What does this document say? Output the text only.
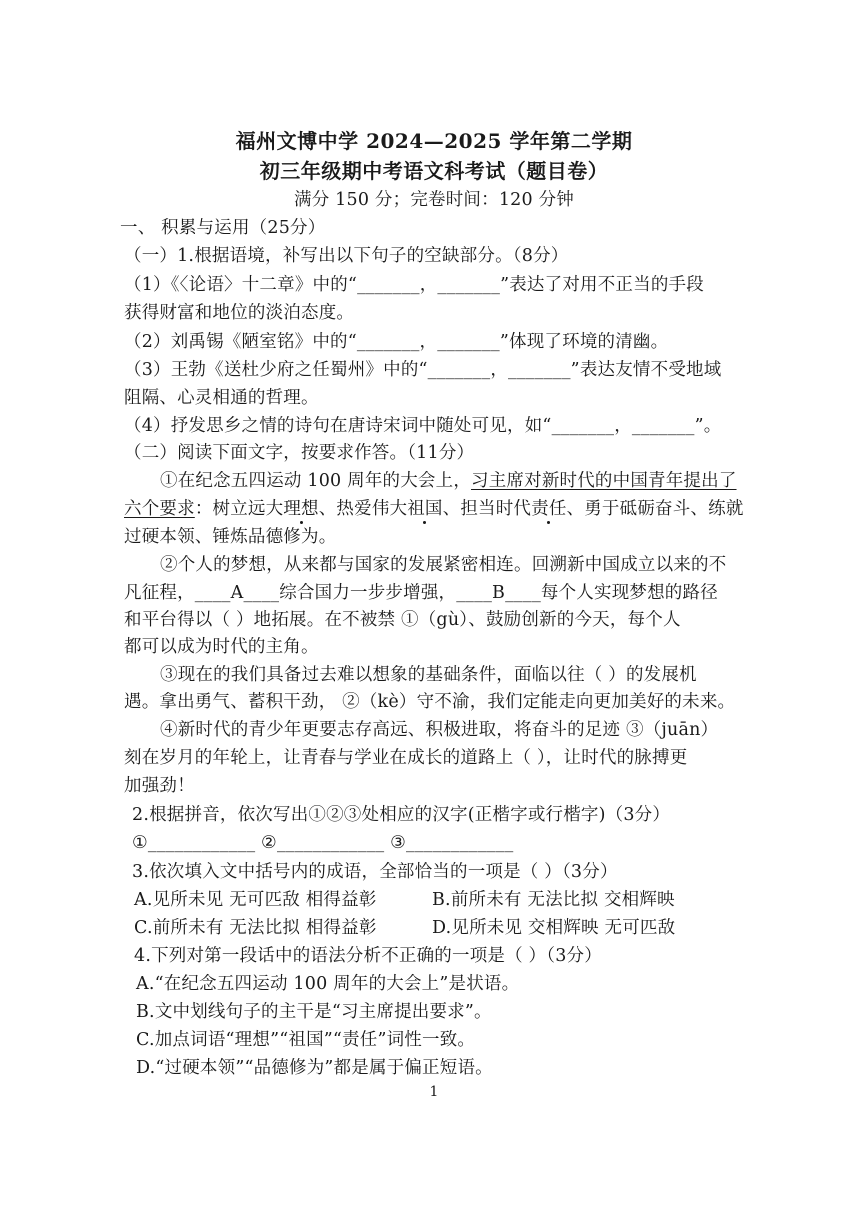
福州文博中学 2024—2025 学年第二学期
初三年级期中考语文科考试（题目卷）
满分 150 分；完卷时间：120 分钟
一、 积累与运用（25分）
（一）1.根据语境，补写出以下句子的空缺部分。（8分）
（1）《〈论语〉十二章》中的“_______，_______”表达了对用不正当的手段
获得财富和地位的淡泊态度。
（2）刘禹锡《陋室铭》中的“_______，_______”体现了环境的清幽。
（3）王勃《送杜少府之任蜀州》中的“_______，_______”表达友情不受地域
阻隔、心灵相通的哲理。
（4）抒发思乡之情的诗句在唐诗宋词中随处可见，如“_______，_______”。
（二）阅读下面文字，按要求作答。（11分）
①在纪念五四运动 100 周年的大会上，习主席对新时代的中国青年提出了
六个要求：树立远大理想、热爱伟大祖国、担当时代责任、勇于砥砺奋斗、练就
过硬本领、锤炼品德修为。
②个人的梦想，从来都与国家的发展紧密相连。回溯新中国成立以来的不
凡征程，____A____综合国力一步步增强，____B____每个人实现梦想的路径
和平台得以（ ）地拓展。在不被禁 ①（gù）、鼓励创新的今天，每个人
都可以成为时代的主角。
③现在的我们具备过去难以想象的基础条件，面临以往（ ）的发展机
遇。拿出勇气、蓄积干劲， ②（kè）守不渝，我们定能走向更加美好的未来。
④新时代的青少年更要志存高远、积极进取，将奋斗的足迹 ③（juān）
刻在岁月的年轮上，让青春与学业在成长的道路上（ ），让时代的脉搏更
加强劲！
2.根据拼音，依次写出①②③处相应的汉字(正楷字或行楷字)（3分）
①____________ ②____________ ③____________
3.依次填入文中括号内的成语，全部恰当的一项是（ ）（3分）
A.见所未见 无可匹敌 相得益彰	B.前所未有 无法比拟 交相辉映
C.前所未有 无法比拟 相得益彰	D.见所未见 交相辉映 无可匹敌
4.下列对第一段话中的语法分析不正确的一项是（ ）（3分）
A.“在纪念五四运动 100 周年的大会上”是状语。
B.文中划线句子的主干是“习主席提出要求”。
C.加点词语“理想”“祖国”“责任”词性一致。
D.“过硬本领”“品德修为”都是属于偏正短语。
1
